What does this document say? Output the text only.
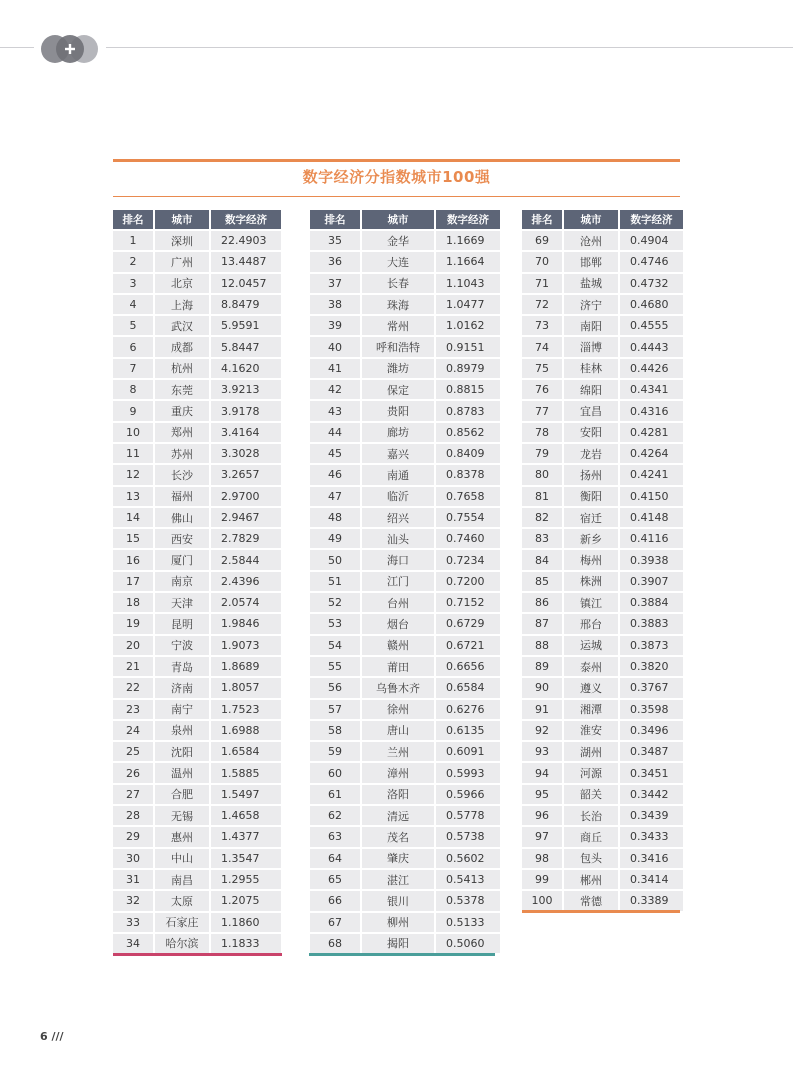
数字经济分指数城市100强
排名	城市	数字经济
1	深圳	22.4903
2	广州	13.4487
3	北京	12.0457
4	上海	8.8479
5	武汉	5.9591
6	成都	5.8447
7	杭州	4.1620
8	东莞	3.9213
9	重庆	3.9178
10	郑州	3.4164
11	苏州	3.3028
12	长沙	3.2657
13	福州	2.9700
14	佛山	2.9467
15	西安	2.7829
16	厦门	2.5844
17	南京	2.4396
18	天津	2.0574
19	昆明	1.9846
20	宁波	1.9073
21	青岛	1.8689
22	济南	1.8057
23	南宁	1.7523
24	泉州	1.6988
25	沈阳	1.6584
26	温州	1.5885
27	合肥	1.5497
28	无锡	1.4658
29	惠州	1.4377
30	中山	1.3547
31	南昌	1.2955
32	太原	1.2075
33	石家庄	1.1860
34	哈尔滨	1.1833
排名	城市	数字经济
35	金华	1.1669
36	大连	1.1664
37	长春	1.1043
38	珠海	1.0477
39	常州	1.0162
40	呼和浩特	0.9151
41	潍坊	0.8979
42	保定	0.8815
43	贵阳	0.8783
44	廊坊	0.8562
45	嘉兴	0.8409
46	南通	0.8378
47	临沂	0.7658
48	绍兴	0.7554
49	汕头	0.7460
50	海口	0.7234
51	江门	0.7200
52	台州	0.7152
53	烟台	0.6729
54	赣州	0.6721
55	莆田	0.6656
56	乌鲁木齐	0.6584
57	徐州	0.6276
58	唐山	0.6135
59	兰州	0.6091
60	漳州	0.5993
61	洛阳	0.5966
62	清远	0.5778
63	茂名	0.5738
64	肇庆	0.5602
65	湛江	0.5413
66	银川	0.5378
67	柳州	0.5133
68	揭阳	0.5060
排名	城市	数字经济
69	沧州	0.4904
70	邯郸	0.4746
71	盐城	0.4732
72	济宁	0.4680
73	南阳	0.4555
74	淄博	0.4443
75	桂林	0.4426
76	绵阳	0.4341
77	宜昌	0.4316
78	安阳	0.4281
79	龙岩	0.4264
80	扬州	0.4241
81	衡阳	0.4150
82	宿迁	0.4148
83	新乡	0.4116
84	梅州	0.3938
85	株洲	0.3907
86	镇江	0.3884
87	邢台	0.3883
88	运城	0.3873
89	泰州	0.3820
90	遵义	0.3767
91	湘潭	0.3598
92	淮安	0.3496
93	湖州	0.3487
94	河源	0.3451
95	韶关	0.3442
96	长治	0.3439
97	商丘	0.3433
98	包头	0.3416
99	郴州	0.3414
100	常德	0.3389
6 ///
